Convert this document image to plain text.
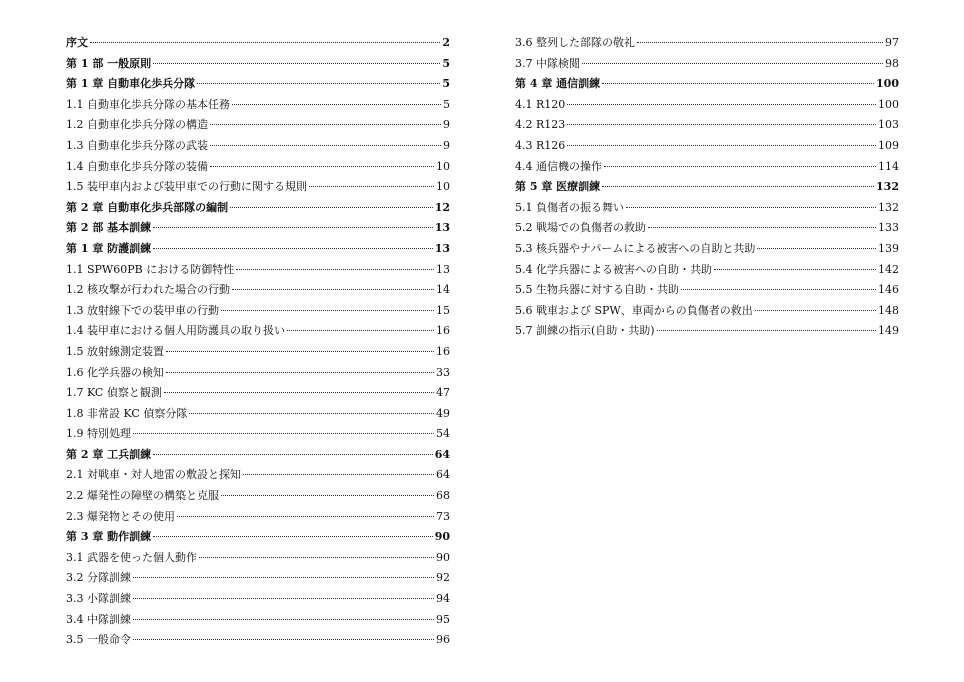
序文	2
第 1 部 一般原則	5
第 1 章 自動車化歩兵分隊	5
1.1 自動車化歩兵分隊の基本任務	5
1.2 自動車化歩兵分隊の構造	9
1.3 自動車化歩兵分隊の武装	9
1.4 自動車化歩兵分隊の装備	10
1.5 装甲車内および装甲車での行動に関する規則	10
第 2 章 自動車化歩兵部隊の編制	12
第 2 部 基本訓練	13
第 1 章 防護訓練	13
1.1 SPW60PB における防御特性	13
1.2 核攻撃が行われた場合の行動	14
1.3 放射線下での装甲車の行動	15
1.4 装甲車における個人用防護具の取り扱い	16
1.5 放射線測定装置	16
1.6 化学兵器の検知	33
1.7 KC 偵察と観測	47
1.8 非常設 KC 偵察分隊	49
1.9 特別処理	54
第 2 章 工兵訓練	64
2.1 対戦車・対人地雷の敷設と探知	64
2.2 爆発性の障壁の構築と克服	68
2.3 爆発物とその使用	73
第 3 章 動作訓練	90
3.1 武器を使った個人動作	90
3.2 分隊訓練	92
3.3 小隊訓練	94
3.4 中隊訓練	95
3.5 一般命令	96
3.6 整列した部隊の敬礼	97
3.7 中隊検閲	98
第 4 章 通信訓練	100
4.1 R120	100
4.2 R123	103
4.3 R126	109
4.4 通信機の操作	114
第 5 章 医療訓練	132
5.1 負傷者の振る舞い	132
5.2 戦場での負傷者の救助	133
5.3 核兵器やナパームによる被害への自助と共助	139
5.4 化学兵器による被害への自助・共助	142
5.5 生物兵器に対する自助・共助	146
5.6 戦車および SPW、車両からの負傷者の救出	148
5.7 訓練の指示(自助・共助)	149
